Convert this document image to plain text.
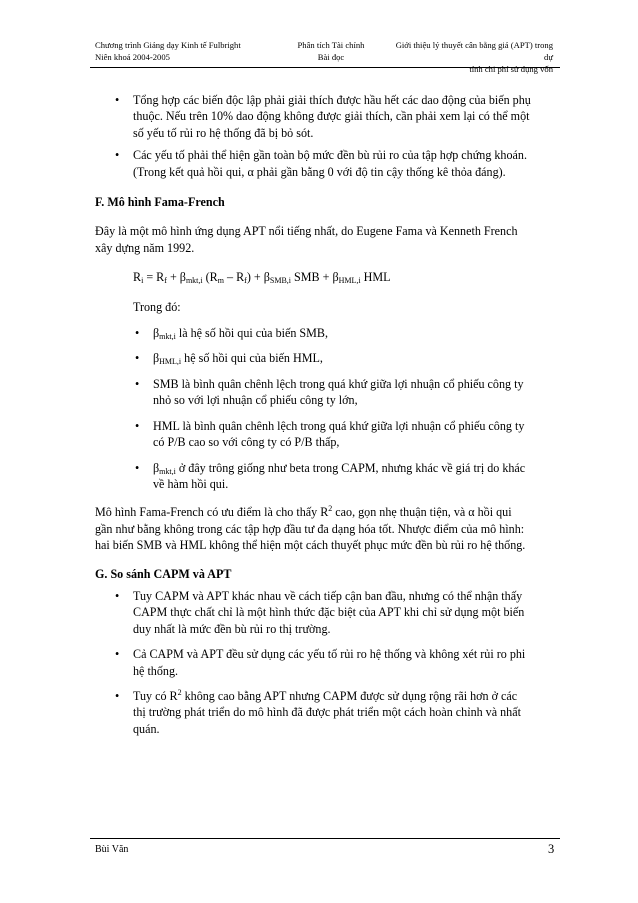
Chương trình Giảng dạy Kinh tế Fulbright
Niên khoá 2004-2005
Phân tích Tài chính
Bài đọc
Giới thiệu lý thuyết cân bằng giá (APT) trong dự
tính chi phí sử dụng vốn
• Tổng hợp các biến độc lập phải giải thích được hầu hết các dao động của biến phụ
thuộc. Nếu trên 10% dao động không được giải thích, cần phải xem lại có thể một
số yếu tố rủi ro hệ thống đã bị bỏ sót.
• Các yếu tố phải thể hiện gần toàn bộ mức đền bù rủi ro của tập hợp chứng khoán.
(Trong kết quả hồi qui, α phải gần bằng 0 với độ tin cậy thống kê thỏa đáng).
F. Mô hình Fama-French
Đây là một mô hình ứng dụng APT nổi tiếng nhất, do Eugene Fama và Kenneth French
xây dựng năm 1992.
$R_i = R_f + \beta_{mkt,i}$ $(R_m - R_f) + \beta_{SMB,i}$ SMB + $\beta_{HML,i}$ HML
Trong đó:
• $\beta_{mkt,i}$ là hệ số hồi qui của biến SMB,
• $\beta_{HML,i}$ hệ số hồi qui của biến HML,
• SMB là bình quân chênh lệch trong quá khứ giữa lợi nhuận cổ phiếu công ty
nhỏ so với lợi nhuận cổ phiếu công ty lớn,
• HML là bình quân chênh lệch trong quá khứ giữa lợi nhuận cổ phiếu công ty
có P/B cao so với công ty có P/B thấp,
• $\beta_{mkt,i}$ ở đây trông giống như beta trong CAPM, nhưng khác về giá trị do khác
về hàm hồi qui.
Mô hình Fama-French có ưu điểm là cho thấy $R^2$ cao, gọn nhẹ thuận tiện, và α hồi qui
gần như bằng không trong các tập hợp đầu tư đa dạng hóa tốt. Nhược điểm của mô hình:
hai biến SMB và HML không thể hiện một cách thuyết phục mức đền bù rủi ro hệ thống.
G. So sánh CAPM và APT
• Tuy CAPM và APT khác nhau về cách tiếp cận ban đầu, nhưng có thể nhận thấy
CAPM thực chất chỉ là một hình thức đặc biệt của APT khi chỉ sử dụng một biến
duy nhất là mức đền bù rủi ro thị trường.
• Cả CAPM và APT đều sử dụng các yếu tố rủi ro hệ thống và không xét rủi ro phi
hệ thống.
• Tuy có $R^2$ không cao bằng APT nhưng CAPM được sử dụng rộng rãi hơn ở các
thị trường phát triển do mô hình đã được phát triển một cách hoàn chỉnh và nhất
quán.
Bùi Văn	3
